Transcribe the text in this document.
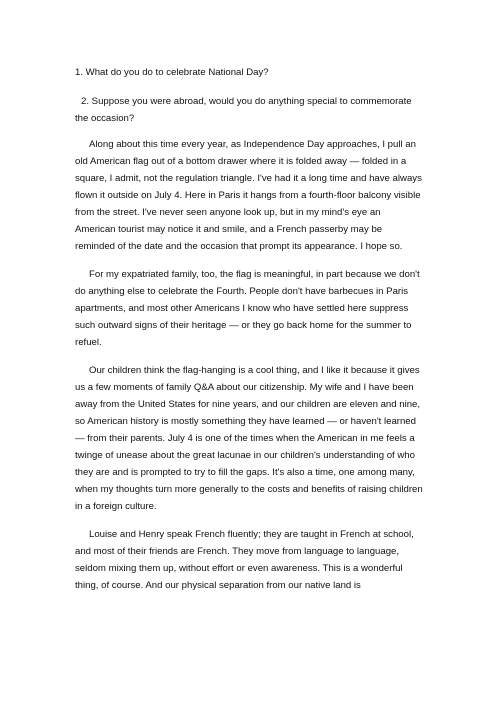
1. What do you do to celebrate National Day?

2. Suppose you were abroad, would you do anything special to commemorate the occasion?

Along about this time every year, as Independence Day approaches, I pull an old American flag out of a bottom drawer where it is folded away — folded in a square, I admit, not the regulation triangle. I've had it a long time and have always flown it outside on July 4. Here in Paris it hangs from a fourth-floor balcony visible from the street. I've never seen anyone look up, but in my mind's eye an American tourist may notice it and smile, and a French passerby may be reminded of the date and the occasion that prompt its appearance. I hope so.

For my expatriated family, too, the flag is meaningful, in part because we don't do anything else to celebrate the Fourth. People don't have barbecues in Paris apartments, and most other Americans I know who have settled here suppress such outward signs of their heritage — or they go back home for the summer to refuel.

Our children think the flag-hanging is a cool thing, and I like it because it gives us a few moments of family Q&A about our citizenship. My wife and I have been away from the United States for nine years, and our children are eleven and nine, so American history is mostly something they have learned — or haven't learned — from their parents. July 4 is one of the times when the American in me feels a twinge of unease about the great lacunae in our children's understanding of who they are and is prompted to try to fill the gaps. It's also a time, one among many, when my thoughts turn more generally to the costs and benefits of raising children in a foreign culture.

Louise and Henry speak French fluently; they are taught in French at school, and most of their friends are French. They move from language to language, seldom mixing them up, without effort or even awareness. This is a wonderful thing, of course. And our physical separation from our native land is
